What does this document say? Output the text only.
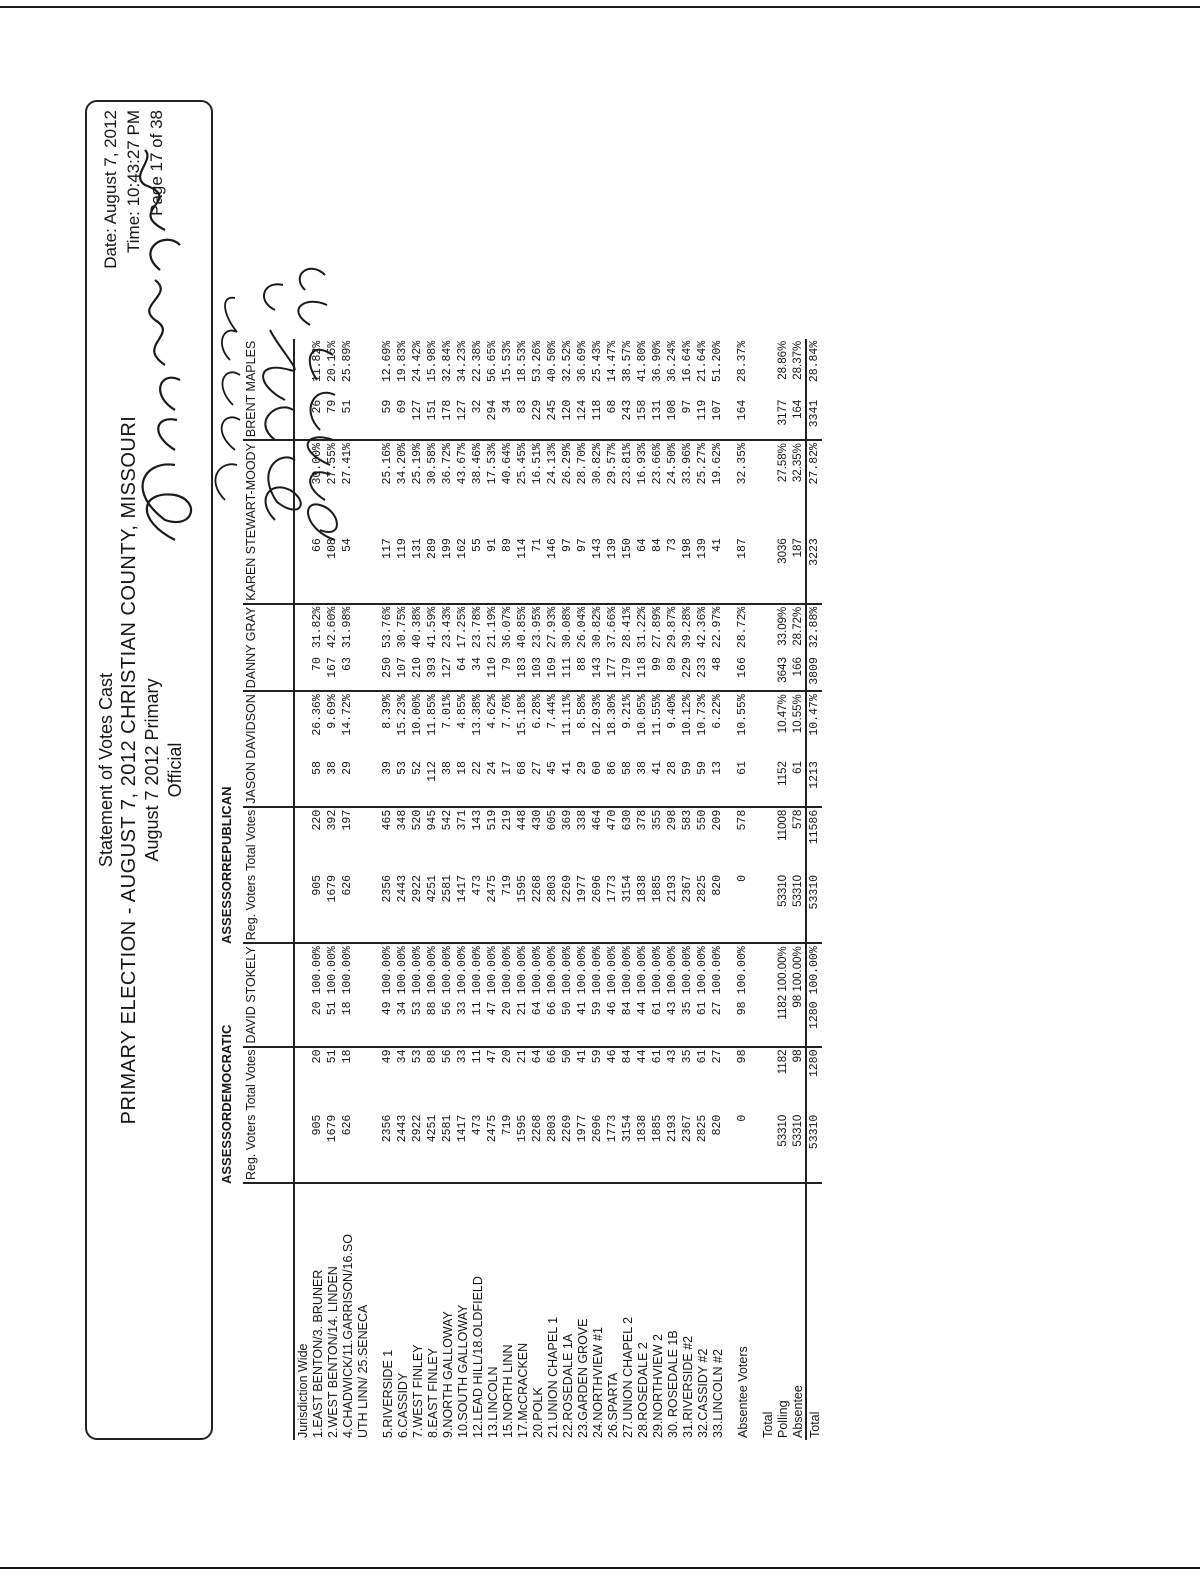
Statement of Votes Cast PRIMARY ELECTION - AUGUST 7, 2012 CHRISTIAN COUNTY, MISSOURI August 7 2012 Primary Official
Date: August 7, 2012 Time: 10:43:27 PM Page 17 of 38
ASSESSORDEMOCRATIC
ASSESSORREPUBLICAN
	Reg. Voters	Total Votes	DAVID STOKELY	Reg. Voters	Total Votes	JASON DAVIDSON		DANNY GRAY		KAREN STEWART-MOODY		BRENT MAPLES	
Jurisdiction Wide													
1.EAST BENTON/3. BRUNER	905	20	20 100.00%	905	220	58	26.36%	70	31.82%	66	30.00%	26	11.82%
2.WEST BENTON/14. LINDEN	1679	51	51 100.00%	1679	392	38	9.69%	167	42.60%	108	27.55%	79	20.15%
4.CHADWICK/11.GARRISON/16.SO	626	18	18 100.00%	626	197	29	14.72%	63	31.98%	54	27.41%	51	25.89%
UTH LINN/ 25.SENECA													

5.RIVERSIDE 1	2356	49	49 100.00%	2356	465	39	8.39%	250	53.76%	117	25.16%	59	12.69%
6.CASSIDY	2443	34	34 100.00%	2443	348	53	15.23%	107	30.75%	119	34.20%	69	19.83%
7.WEST FINLEY	2922	53	53 100.00%	2922	520	52	10.00%	210	40.38%	131	25.19%	127	24.42%
8.EAST FINLEY	4251	88	88 100.00%	4251	945	112	11.85%	393	41.59%	289	30.58%	151	15.98%
9.NORTH GALLOWAY	2581	56	56 100.00%	2581	542	38	7.01%	127	23.43%	199	36.72%	178	32.84%
10.SOUTH GALLOWAY	1417	33	33 100.00%	1417	371	18	4.85%	64	17.25%	162	43.67%	127	34.23%
12.LEAD HILL/18.OLDFIELD	473	11	11 100.00%	473	143	22	13.38%	34	23.78%	55	38.46%	32	22.38%
13.LINCOLN	2475	47	47 100.00%	2475	519	24	4.62%	110	21.19%	91	17.53%	294	56.65%
15.NORTH LINN	719	20	20 100.00%	719	219	17	7.76%	79	36.07%	89	40.64%	34	15.53%
17.McCRACKEN	1595	21	21 100.00%	1595	448	68	15.18%	183	40.85%	114	25.45%	83	18.53%
20.POLK	2268	64	64 100.00%	2268	430	27	6.28%	103	23.95%	71	16.51%	229	53.26%
21.UNION CHAPEL 1	2803	66	66 100.00%	2803	605	45	7.44%	169	27.93%	146	24.13%	245	40.50%
22.ROSEDALE 1A	2269	50	50 100.00%	2269	369	41	11.11%	111	30.08%	97	26.29%	120	32.52%
23.GARDEN GROVE	1977	41	41 100.00%	1977	338	29	8.58%	88	26.04%	97	28.70%	124	36.69%
24.NORTHVIEW #1	2696	59	59 100.00%	2696	464	60	12.93%	143	30.82%	143	30.82%	118	25.43%
26.SPARTA	1773	46	46 100.00%	1773	470	86	18.30%	177	37.66%	139	29.57%	68	14.47%
27.UNION CHAPEL 2	3154	84	84 100.00%	3154	630	58	9.21%	179	28.41%	150	23.81%	243	38.57%
28.ROSEDALE 2	1838	44	44 100.00%	1838	378	38	10.05%	118	31.22%	64	16.93%	158	41.80%
29.NORTHVIEW 2	1885	61	61 100.00%	1885	355	41	11.55%	99	27.89%	84	23.66%	131	36.90%
30. ROSEDALE 1B	2193	43	43 100.00%	2193	298	28	9.40%	89	29.87%	73	24.50%	108	36.24%
31.RIVERSIDE #2	2367	35	35 100.00%	2367	583	59	10.12%	229	39.28%	198	33.96%	97	16.64%
32.CASSIDY #2	2825	61	61 100.00%	2825	550	59	10.73%	233	42.36%	139	25.27%	119	21.64%
33.LINCOLN #2	820	27	27 100.00%	820	209	13	6.22%	48	22.97%	41	19.62%	107	51.20%

Absentee Voters	0	98	98 100.00%	0	578	61	10.55%	166	28.72%	187	32.35%	164	28.37%

Total													
Polling	53310	1182	1182 100.00%	53310	11008	1152	10.47%	3643	33.09%	3036	27.58%	3177	28.86%
Absentee	53310	98	98 100.00%	53310	578	61	10.55%	166	28.72%	187	32.35%	164	28.37%
Total	53310	1280	1280 100.00%	53310	11586	1213	10.47%	3809	32.88%	3223	27.82%	3341	28.84%
